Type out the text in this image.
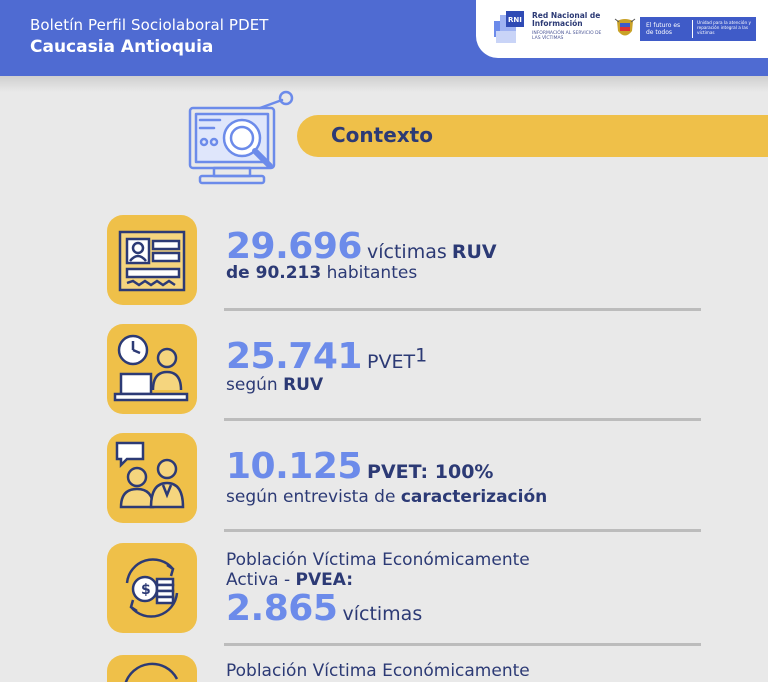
Boletín Perfil Sociolaboral PDET
Caucasia Antioquia
RNI Red Nacional de Información
INFORMACIÓN AL SERVICIO DE LAS VÍCTIMAS
El futuro es de todos
Unidad para la atención y reparación integral a las víctimas
Contexto
29.696 víctimas RUV
de 90.213 habitantes
25.741 PVET$^1$
según RUV
10.125 PVET: 100%
según entrevista de caracterización
$
Población Víctima Económicamente
Activa - PVEA:
2.865 víctimas
Población Víctima Económicamente
